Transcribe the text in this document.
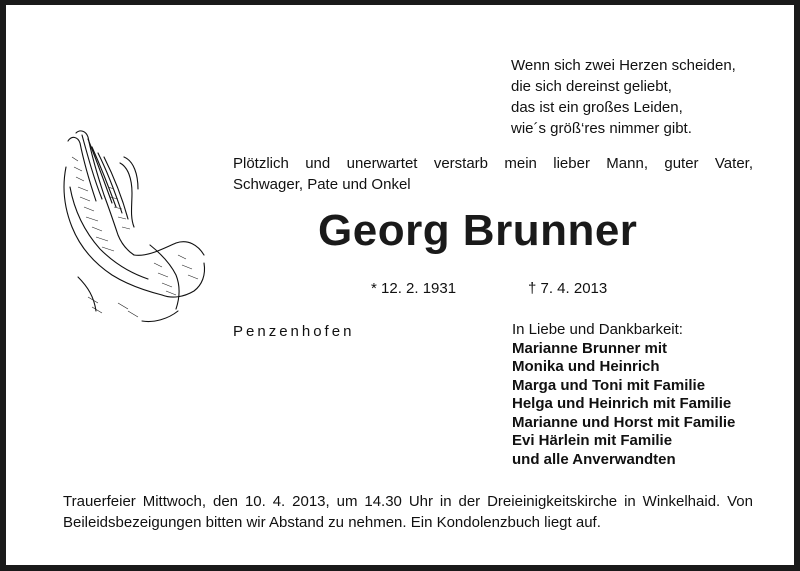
Wenn sich zwei Herzen scheiden,
die sich dereinst geliebt,
das ist ein großes Leiden,
wie´s größ‘res nimmer gibt.
Plötzlich und unerwartet verstarb mein lieber Mann, guter Vater,
Schwager, Pate und Onkel
Georg Brunner
* 12. 2. 1931	† 7. 4. 2013
Penzenhofen	In Liebe und Dankbarkeit:
Marianne Brunner mit
Monika und Heinrich
Marga und Toni mit Familie
Helga und Heinrich mit Familie
Marianne und Horst mit Familie
Evi Härlein mit Familie
und alle Anverwandten
Trauerfeier Mittwoch, den 10. 4. 2013, um 14.30 Uhr in der Dreieinigkeitskirche in Winkelhaid. Von
Beileidsbezeigungen bitten wir Abstand zu nehmen. Ein Kondolenzbuch liegt auf.
